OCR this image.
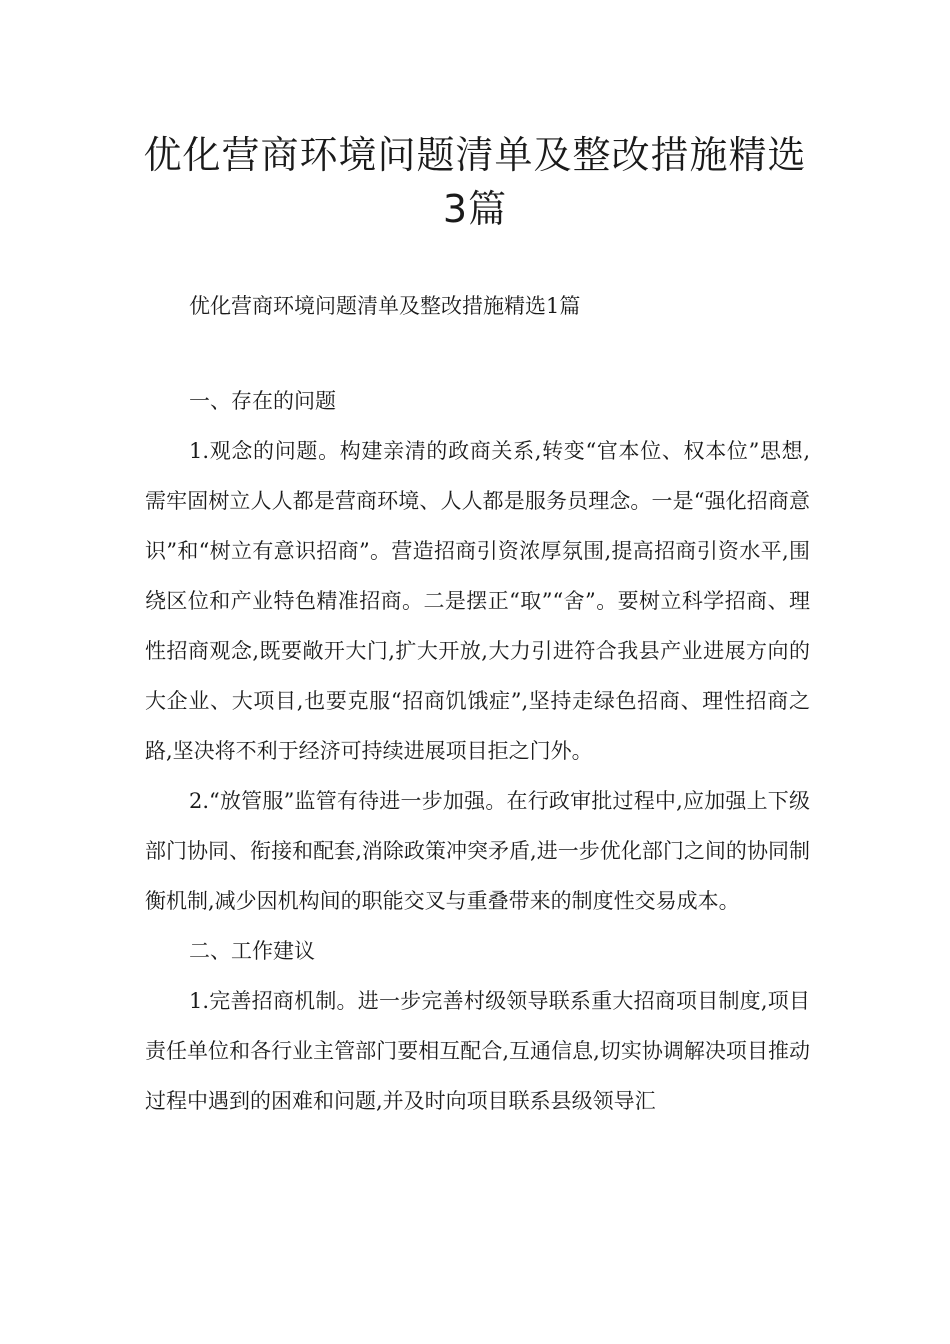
优化营商环境问题清单及整改措施精选
3篇

优化营商环境问题清单及整改措施精选1篇

一、存在的问题

1.观念的问题。构建亲清的政商关系,转变“官本位、权本位”思想,需牢固树立人人都是营商环境、人人都是服务员理念。一是“强化招商意识”和“树立有意识招商”。营造招商引资浓厚氛围,提高招商引资水平,围绕区位和产业特色精准招商。二是摆正“取”“舍”。要树立科学招商、理性招商观念,既要敞开大门,扩大开放,大力引进符合我县产业进展方向的大企业、大项目,也要克服“招商饥饿症”,坚持走绿色招商、理性招商之路,坚决将不利于经济可持续进展项目拒之门外。

2.“放管服”监管有待进一步加强。在行政审批过程中,应加强上下级部门协同、衔接和配套,消除政策冲突矛盾,进一步优化部门之间的协同制衡机制,减少因机构间的职能交叉与重叠带来的制度性交易成本。

二、工作建议

1.完善招商机制。进一步完善村级领导联系重大招商项目制度,项目责任单位和各行业主管部门要相互配合,互通信息,切实协调解决项目推动过程中遇到的困难和问题,并及时向项目联系县级领导汇
